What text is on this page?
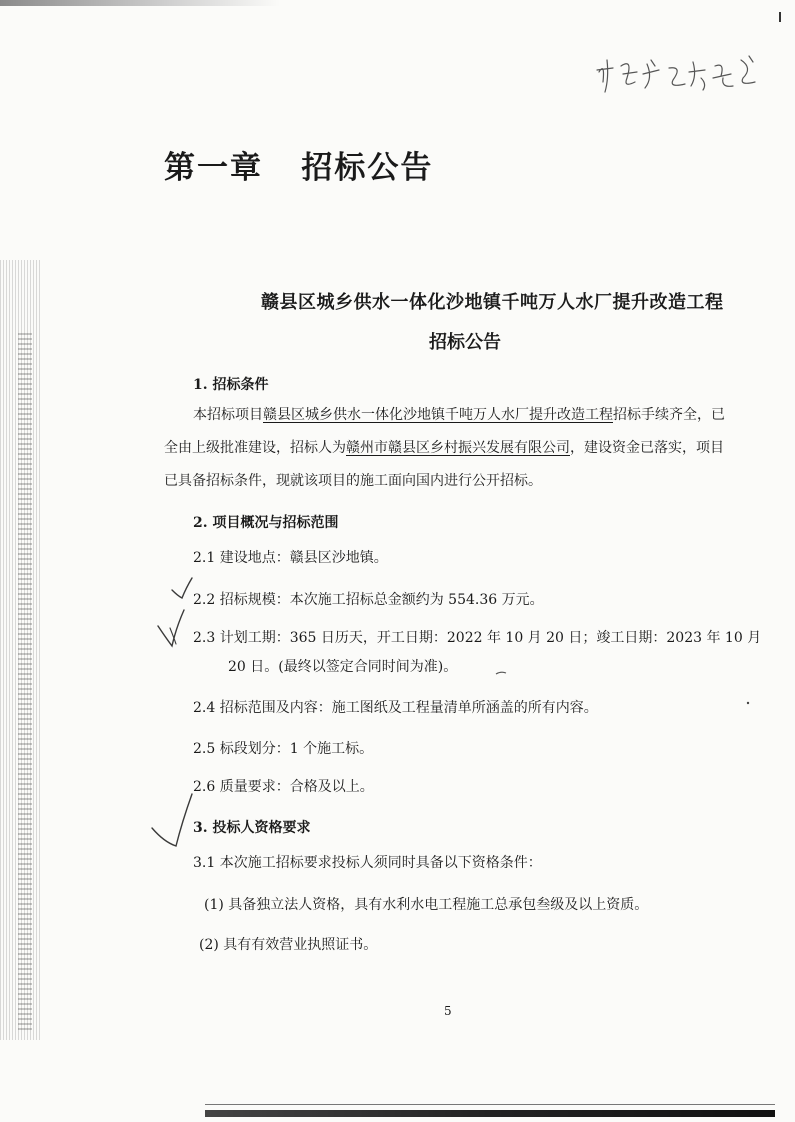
第一章 招标公告
赣县区城乡供水一体化沙地镇千吨万人水厂提升改造工程
招标公告
1. 招标条件

本招标项目赣县区城乡供水一体化沙地镇千吨万人水厂提升改造工程招标手续齐全，已全由上级批准建设，招标人为赣州市赣县区乡村振兴发展有限公司，建设资金已落实，项目已具备招标条件，现就该项目的施工面向国内进行公开招标。

2. 项目概况与招标范围

2.1 建设地点：赣县区沙地镇。

2.2 招标规模：本次施工招标总金额约为 554.36 万元。

2.3 计划工期：365 日历天，开工日期：2022 年 10 月 20 日；竣工日期：2023 年 10 月

20 日。(最终以签定合同时间为准)。

2.4 招标范围及内容：施工图纸及工程量清单所涵盖的所有内容。

2.5 标段划分：1 个施工标。

2.6 质量要求：合格及以上。

3. 投标人资格要求

3.1 本次施工招标要求投标人须同时具备以下资格条件：

(1) 具备独立法人资格，具有水利水电工程施工总承包叁级及以上资质。

(2) 具有有效营业执照证书。

5
